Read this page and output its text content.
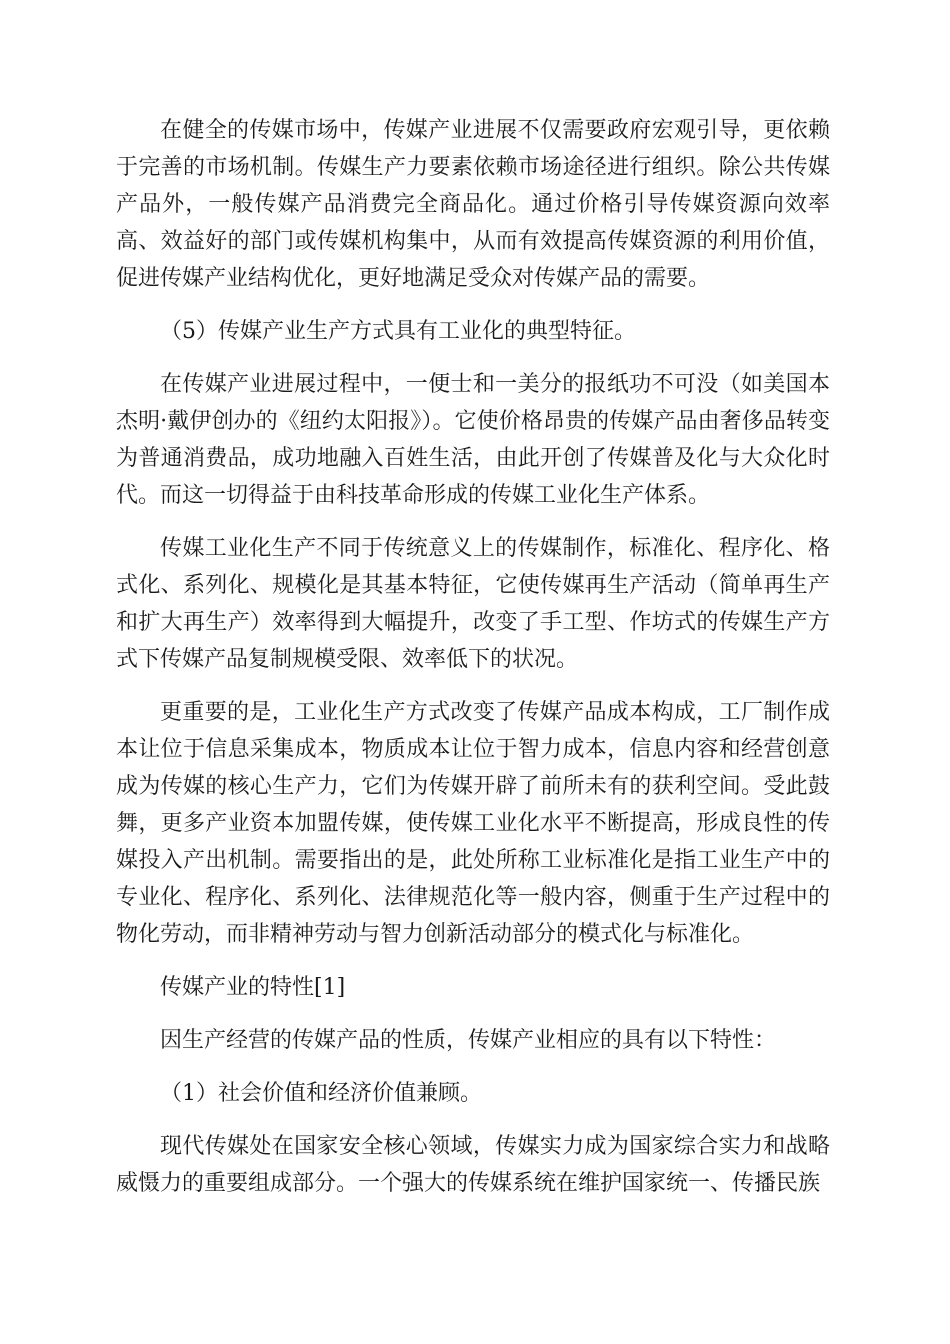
在健全的传媒市场中，传媒产业进展不仅需要政府宏观引导，更依赖于完善的市场机制。传媒生产力要素依赖市场途径进行组织。除公共传媒产品外，一般传媒产品消费完全商品化。通过价格引导传媒资源向效率高、效益好的部门或传媒机构集中，从而有效提高传媒资源的利用价值，促进传媒产业结构优化，更好地满足受众对传媒产品的需要。

（5）传媒产业生产方式具有工业化的典型特征。

在传媒产业进展过程中，一便士和一美分的报纸功不可没（如美国本杰明·戴伊创办的《纽约太阳报》）。它使价格昂贵的传媒产品由奢侈品转变为普通消费品，成功地融入百姓生活，由此开创了传媒普及化与大众化时代。而这一切得益于由科技革命形成的传媒工业化生产体系。

传媒工业化生产不同于传统意义上的传媒制作，标准化、程序化、格式化、系列化、规模化是其基本特征，它使传媒再生产活动（简单再生产和扩大再生产）效率得到大幅提升，改变了手工型、作坊式的传媒生产方式下传媒产品复制规模受限、效率低下的状况。

更重要的是，工业化生产方式改变了传媒产品成本构成，工厂制作成本让位于信息采集成本，物质成本让位于智力成本，信息内容和经营创意成为传媒的核心生产力，它们为传媒开辟了前所未有的获利空间。受此鼓舞，更多产业资本加盟传媒，使传媒工业化水平不断提高，形成良性的传媒投入产出机制。需要指出的是，此处所称工业标准化是指工业生产中的专业化、程序化、系列化、法律规范化等一般内容，侧重于生产过程中的物化劳动，而非精神劳动与智力创新活动部分的模式化与标准化。

传媒产业的特性[1]

因生产经营的传媒产品的性质，传媒产业相应的具有以下特性：

（1）社会价值和经济价值兼顾。

现代传媒处在国家安全核心领域，传媒实力成为国家综合实力和战略威慑力的重要组成部分。一个强大的传媒系统在维护国家统一、传播民族
